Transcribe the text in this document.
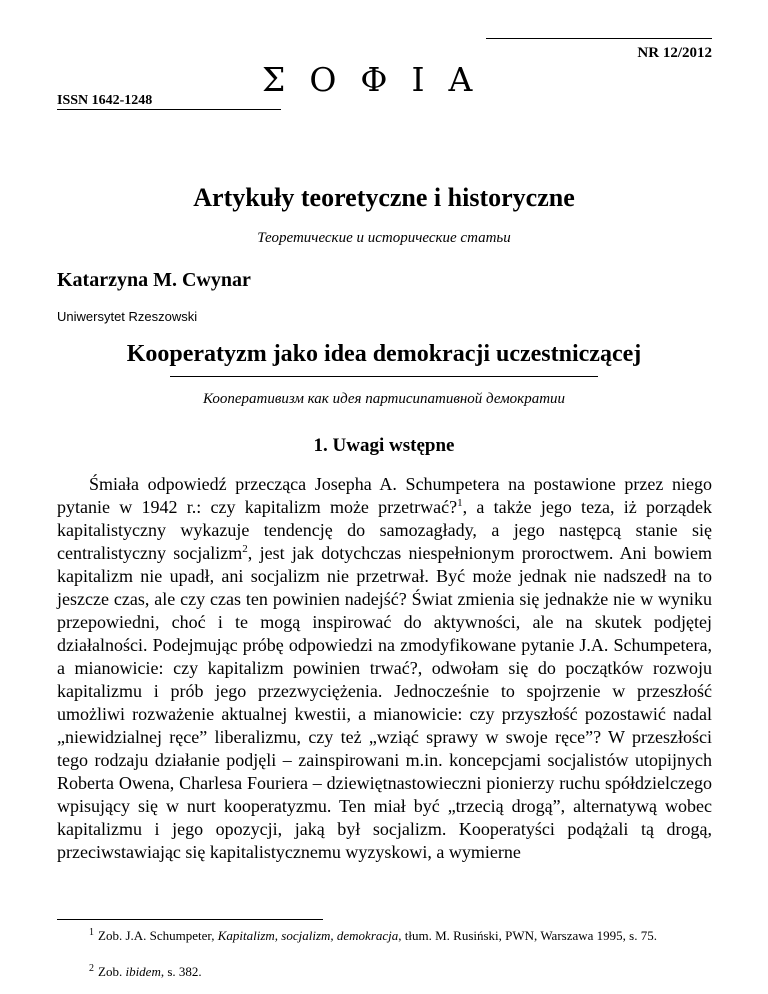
NR 12/2012
Σ Ο Φ Ι Α
ISSN 1642-1248
Artykuły teoretyczne i historyczne
Теоретические и исторические статьи
Katarzyna M. Cwynar
Uniwersytet Rzeszowski
Kooperatyzm jako idea demokracji uczestniczącej
Кооперативизм как идея партисипативной демократии
1. Uwagi wstępne

Śmiała odpowiedź przecząca Josepha A. Schumpetera na postawione przez niego pytanie w 1942 r.: czy kapitalizm może przetrwać?$^1$, a także jego teza, iż porządek kapitalistyczny wykazuje tendencję do samozagłady, a jego następcą stanie się centralistyczny socjalizm$^2$, jest jak dotychczas niespełnionym proroctwem. Ani bowiem kapitalizm nie upadł, ani socjalizm nie przetrwał. Być może jednak nie nadszedł na to jeszcze czas, ale czy czas ten powinien nadejść? Świat zmienia się jednakże nie w wyniku przepowiedni, choć i te mogą inspirować do aktywności, ale na skutek podjętej działalności. Podejmując próbę odpowiedzi na zmodyfikowane pytanie J.A. Schumpetera, a mianowicie: czy kapitalizm powinien trwać?, odwołam się do początków rozwoju kapitalizmu i prób jego przezwyciężenia. Jednocześnie to spojrzenie w przeszłość umożliwi rozważenie aktualnej kwestii, a mianowicie: czy przyszłość pozostawić nadal „niewidzialnej ręce” liberalizmu, czy też „wziąć sprawy w swoje ręce”? W przeszłości tego rodzaju działanie podjęli – zainspirowani m.in. koncepcjami socjalistów utopijnych Roberta Owena, Charlesa Fouriera – dziewiętnastowieczni pionierzy ruchu spółdzielczego wpisujący się w nurt kooperatyzmu. Ten miał być „trzecią drogą”, alternatywą wobec kapitalizmu i jego opozycji, jaką był socjalizm. Kooperatyści podążali tą drogą, przeciwstawiając się kapitalistycznemu wyzyskowi, a wymierne

$^1$ Zob. J.A. Schumpeter, Kapitalizm, socjalizm, demokracja, tłum. M. Rusiński, PWN, Warszawa 1995, s. 75.
$^2$ Zob. ibidem, s. 382.
